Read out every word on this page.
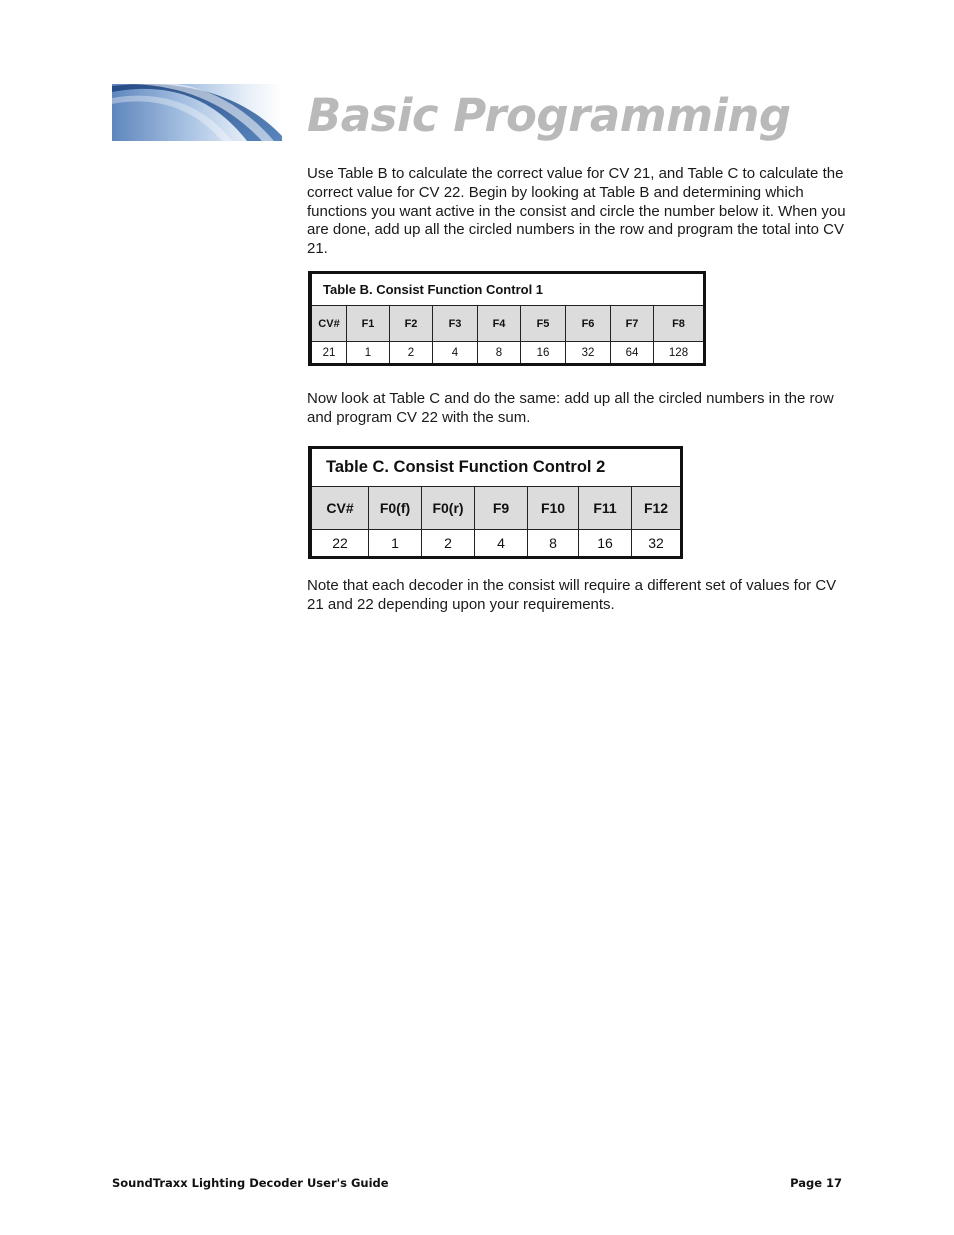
Basic Programming

Use Table B to calculate the correct value for CV 21, and Table C to calculate the correct value for CV 22. Begin by looking at Table B and determining which functions you want active in the consist and circle the number below it. When you are done, add up all the circled numbers in the row and program the total into CV 21.

Table B. Consist Function Control 1								
CV#	F1	F2	F3	F4	F5	F6	F7	F8
21	1	2	4	8	16	32	64	128

Now look at Table C and do the same: add up all the circled numbers in the row and program CV 22 with the sum.

Table C. Consist Function Control 2						
CV#	F0(f)	F0(r)	F9	F10	F11	F12
22	1	2	4	8	16	32

Note that each decoder in the consist will require a different set of values for CV 21 and 22 depending upon your requirements.

SoundTraxx Lighting Decoder User's Guide	Page 17
